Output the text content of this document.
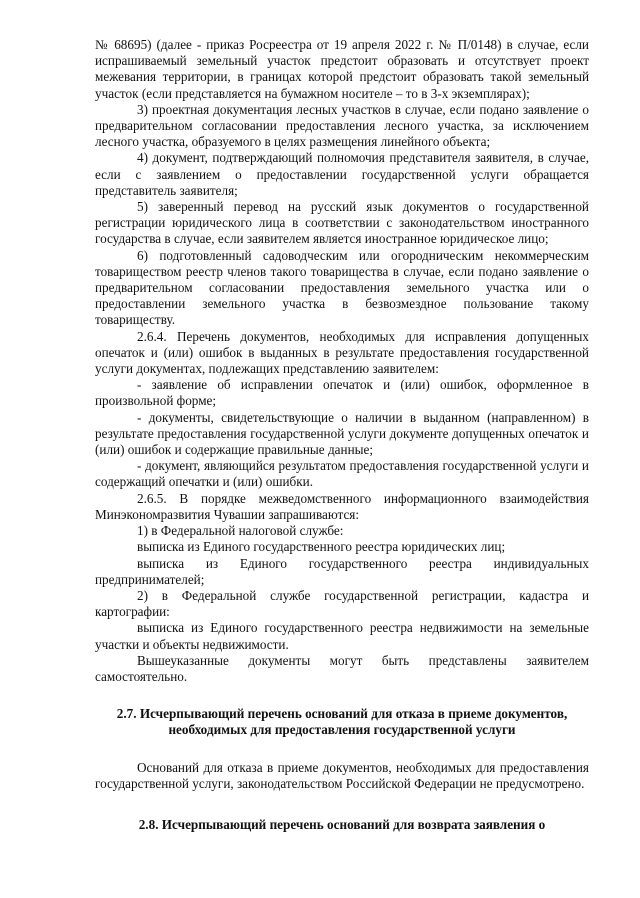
№ 68695) (далее - приказ Росреестра от 19 апреля 2022 г. № П/0148) в случае, если испрашиваемый земельный участок предстоит образовать и отсутствует проект межевания территории, в границах которой предстоит образовать такой земельный участок (если представляется на бумажном носителе – то в 3-х экземплярах);

3) проектная документация лесных участков в случае, если подано заявление о предварительном согласовании предоставления лесного участка, за исключением лесного участка, образуемого в целях размещения линейного объекта;

4) документ, подтверждающий полномочия представителя заявителя, в случае, если с заявлением о предоставлении государственной услуги обращается представитель заявителя;

5) заверенный перевод на русский язык документов о государственной регистрации юридического лица в соответствии с законодательством иностранного государства в случае, если заявителем является иностранное юридическое лицо;

6) подготовленный садоводческим или огородническим некоммерческим товариществом реестр членов такого товарищества в случае, если подано заявление о предварительном согласовании предоставления земельного участка или о предоставлении земельного участка в безвозмездное пользование такому товариществу.

2.6.4. Перечень документов, необходимых для исправления допущенных опечаток и (или) ошибок в выданных в результате предоставления государственной услуги документах, подлежащих представлению заявителем:

- заявление об исправлении опечаток и (или) ошибок, оформленное в произвольной форме;

- документы, свидетельствующие о наличии в выданном (направленном) в результате предоставления государственной услуги документе допущенных опечаток и (или) ошибок и содержащие правильные данные;

- документ, являющийся результатом предоставления государственной услуги и содержащий опечатки и (или) ошибки.

2.6.5. В порядке межведомственного информационного взаимодействия Минэкономразвития Чувашии запрашиваются:

1) в Федеральной налоговой службе:

выписка из Единого государственного реестра юридических лиц;

выписка из Единого государственного реестра индивидуальных предпринимателей;

2) в Федеральной службе государственной регистрации, кадастра и картографии:

выписка из Единого государственного реестра недвижимости на земельные участки и объекты недвижимости.

Вышеуказанные документы могут быть представлены заявителем самостоятельно.

2.7. Исчерпывающий перечень оснований для отказа в приеме документов,
необходимых для предоставления государственной услуги

Оснований для отказа в приеме документов, необходимых для предоставления государственной услуги, законодательством Российской Федерации не предусмотрено.

2.8. Исчерпывающий перечень оснований для возврата заявления о
